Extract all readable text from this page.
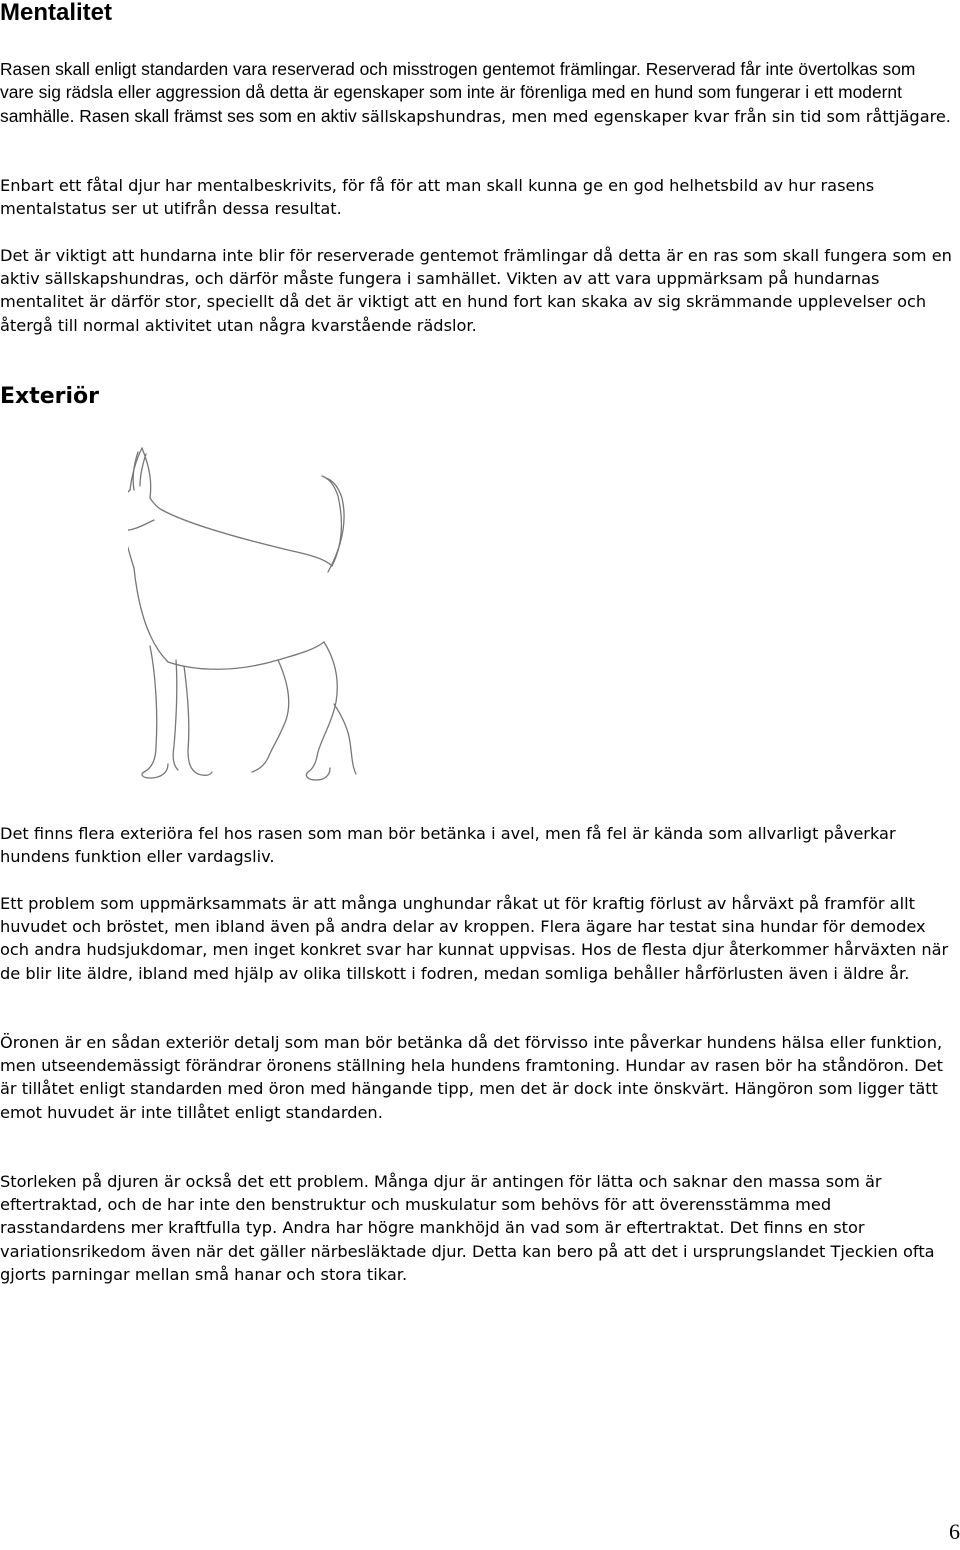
Mentalitet

Rasen skall enligt standarden vara reserverad och misstrogen gentemot främlingar. Reserverad får inte övertolkas som vare sig rädsla eller aggression då detta är egenskaper som inte är förenliga med en hund som fungerar i ett modernt samhälle. Rasen skall främst ses som en aktiv sällskapshundras, men med egenskaper kvar från sin tid som råttjägare.

Enbart ett fåtal djur har mentalbeskrivits, för få för att man skall kunna ge en god helhetsbild av hur rasens mentalstatus ser ut utifrån dessa resultat.

Det är viktigt att hundarna inte blir för reserverade gentemot främlingar då detta är en ras som skall fungera som en aktiv sällskapshundras, och därför måste fungera i samhället. Vikten av att vara uppmärksam på hundarnas mentalitet är därför stor, speciellt då det är viktigt att en hund fort kan skaka av sig skrämmande upplevelser och återgå till normal aktivitet utan några kvarstående rädslor.

Exteriör

Det finns flera exteriöra fel hos rasen som man bör betänka i avel, men få fel är kända som allvarligt påverkar hundens funktion eller vardagsliv.

Ett problem som uppmärksammats är att många unghundar råkat ut för kraftig förlust av hårväxt på framför allt huvudet och bröstet, men ibland även på andra delar av kroppen. Flera ägare har testat sina hundar för demodex och andra hudsjukdomar, men inget konkret svar har kunnat uppvisas. Hos de flesta djur återkommer hårväxten när de blir lite äldre, ibland med hjälp av olika tillskott i fodren, medan somliga behåller hårförlusten även i äldre år.

Öronen är en sådan exteriör detalj som man bör betänka då det förvisso inte påverkar hundens hälsa eller funktion, men utseendemässigt förändrar öronens ställning hela hundens framtoning. Hundar av rasen bör ha ståndöron. Det är tillåtet enligt standarden med öron med hängande tipp, men det är dock inte önskvärt. Hängöron som ligger tätt emot huvudet är inte tillåtet enligt standarden.

Storleken på djuren är också det ett problem. Många djur är antingen för lätta och saknar den massa som är eftertraktad, och de har inte den benstruktur och muskulatur som behövs för att överensstämma med rasstandardens mer kraftfulla typ. Andra har högre mankhöjd än vad som är eftertraktat. Det finns en stor variationsrikedom även när det gäller närbesläktade djur. Detta kan bero på att det i ursprungslandet Tjeckien ofta gjorts parningar mellan små hanar och stora tikar.

6
